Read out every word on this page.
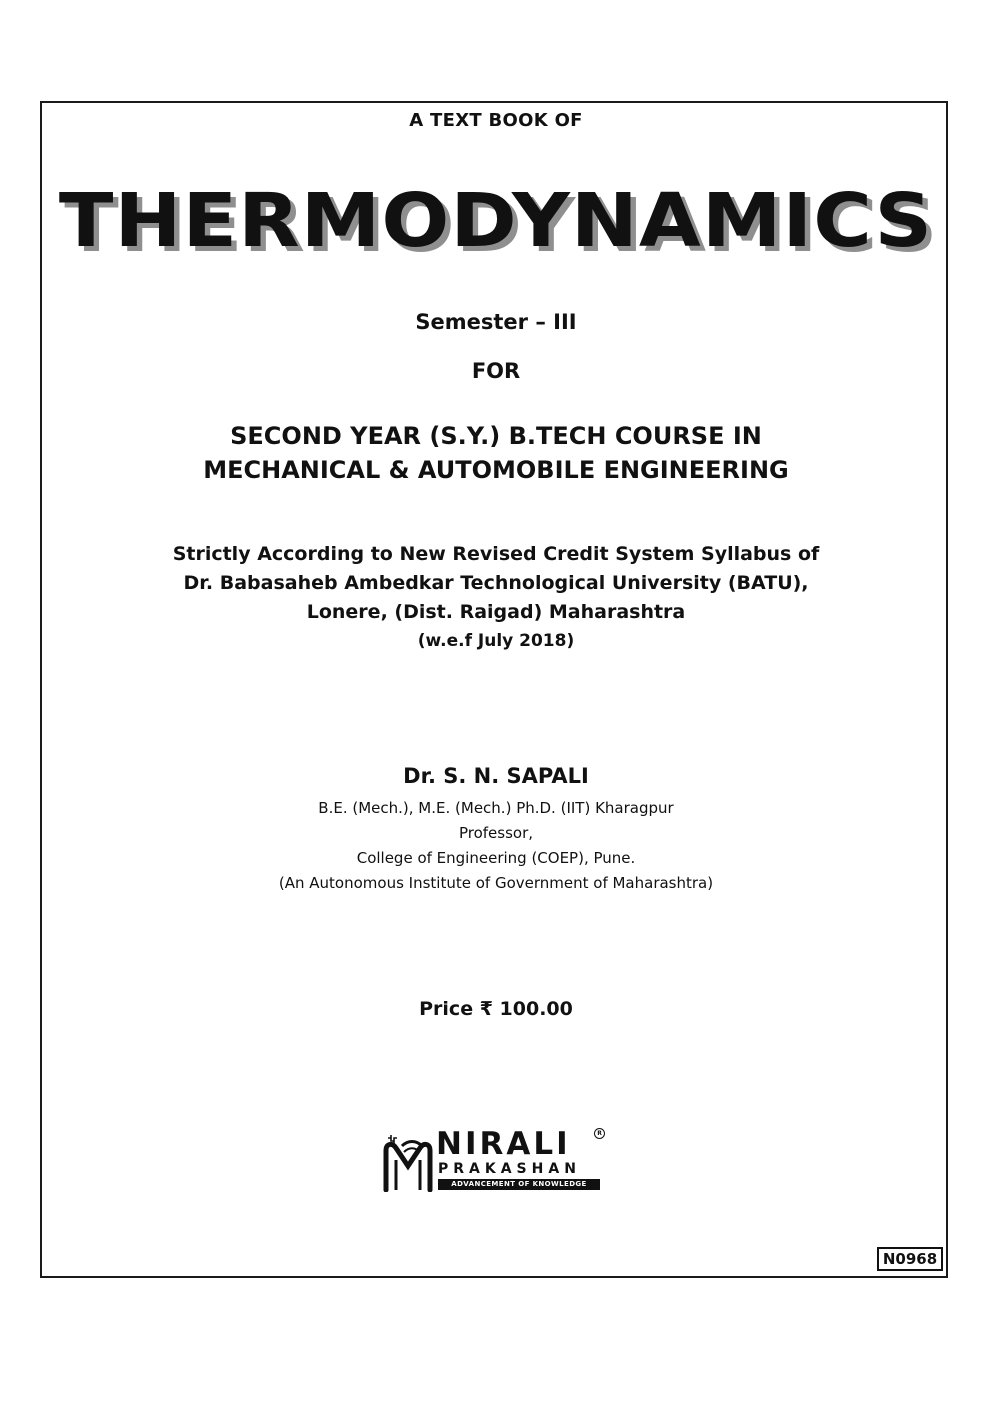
A TEXT BOOK OF
THERMODYNAMICS
Semester – III
FOR
SECOND YEAR (S.Y.) B.TECH COURSE IN
MECHANICAL & AUTOMOBILE ENGINEERING
Strictly According to New Revised Credit System Syllabus of
Dr. Babasaheb Ambedkar Technological University (BATU),
Lonere, (Dist. Raigad) Maharashtra
(w.e.f July 2018)
Dr. S. N. SAPALI
B.E. (Mech.), M.E. (Mech.) Ph.D. (IIT) Kharagpur
Professor,
College of Engineering (COEP), Pune.
(An Autonomous Institute of Government of Maharashtra)
Price ₹ 100.00
NIRALI	R
PRAKASHAN
ADVANCEMENT OF KNOWLEDGE
N0968
